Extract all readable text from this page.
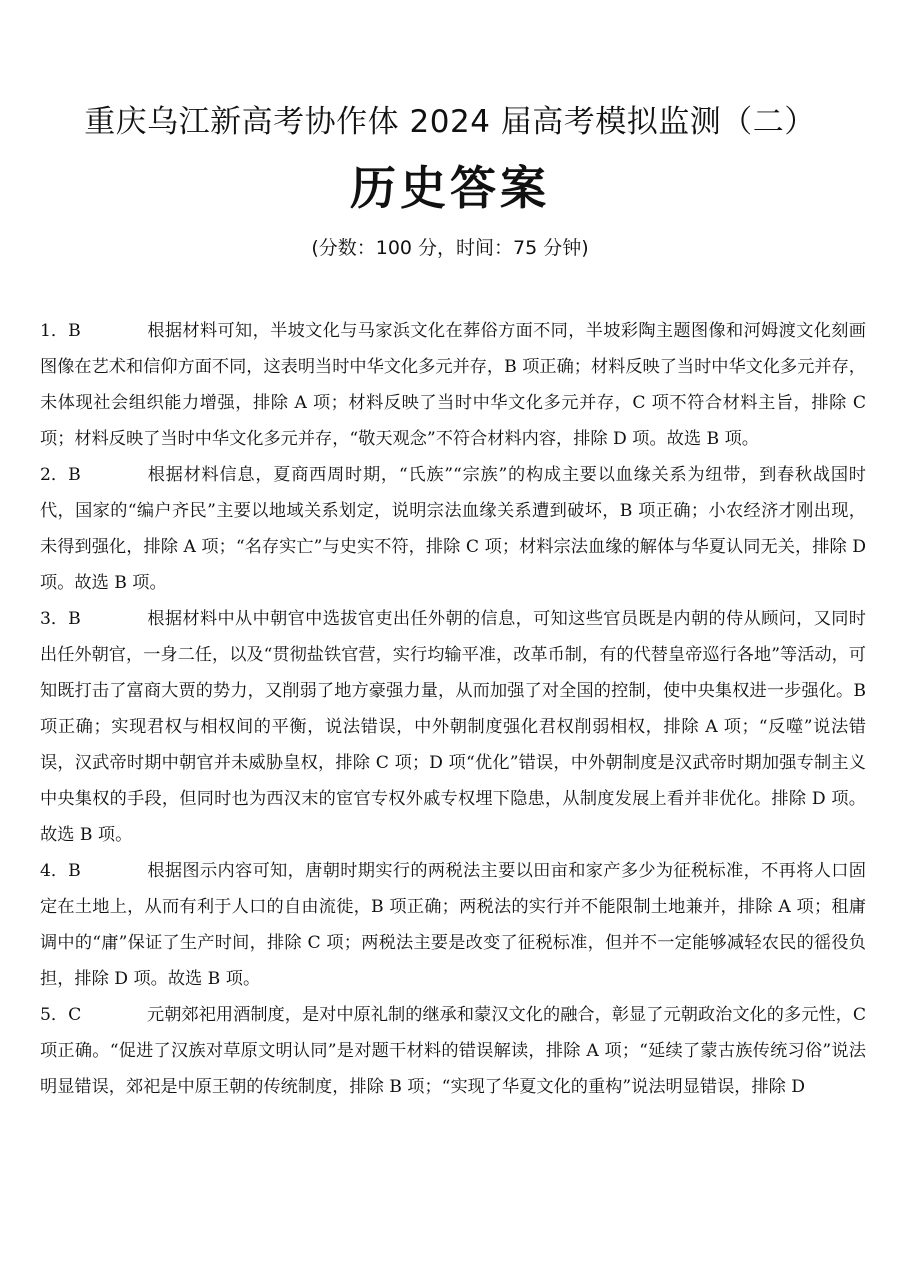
重庆乌江新高考协作体 2024 届高考模拟监测（二）
历史答案
(分数：100 分，时间：75 分钟)
1．B	根据材料可知，半坡文化与马家浜文化在葬俗方面不同，半坡彩陶主题图像和河姆渡文化刻画图像在艺术和信仰方面不同，这表明当时中华文化多元并存，B 项正确；材料反映了当时中华文化多元并存，未体现社会组织能力增强，排除 A 项；材料反映了当时中华文化多元并存，C 项不符合材料主旨，排除 C 项；材料反映了当时中华文化多元并存，“敬天观念”不符合材料内容，排除 D 项。故选 B 项。
2．B	根据材料信息，夏商西周时期，“氏族”“宗族”的构成主要以血缘关系为纽带，到春秋战国时代，国家的“编户齐民”主要以地域关系划定，说明宗法血缘关系遭到破坏，B 项正确；小农经济才刚出现，未得到强化，排除 A 项；“名存实亡”与史实不符，排除 C 项；材料宗法血缘的解体与华夏认同无关，排除 D 项。故选 B 项。
3．B	根据材料中从中朝官中选拔官吏出任外朝的信息，可知这些官员既是内朝的侍从顾问，又同时出任外朝官，一身二任，以及“贯彻盐铁官营，实行均输平准，改革币制，有的代替皇帝巡行各地”等活动，可知既打击了富商大贾的势力，又削弱了地方豪强力量，从而加强了对全国的控制，使中央集权进一步强化。B 项正确；实现君权与相权间的平衡，说法错误，中外朝制度强化君权削弱相权，排除 A 项；“反噬”说法错误，汉武帝时期中朝官并未威胁皇权，排除 C 项；D 项“优化”错误，中外朝制度是汉武帝时期加强专制主义中央集权的手段，但同时也为西汉末的宦官专权外戚专权埋下隐患，从制度发展上看并非优化。排除 D 项。故选 B 项。
4．B	根据图示内容可知，唐朝时期实行的两税法主要以田亩和家产多少为征税标准，不再将人口固定在土地上，从而有利于人口的自由流徙，B 项正确；两税法的实行并不能限制土地兼并，排除 A 项；租庸调中的“庸”保证了生产时间，排除 C 项；两税法主要是改变了征税标准，但并不一定能够减轻农民的徭役负担，排除 D 项。故选 B 项。
5．C	元朝郊祀用酒制度，是对中原礼制的继承和蒙汉文化的融合，彰显了元朝政治文化的多元性，C 项正确。“促进了汉族对草原文明认同”是对题干材料的错误解读，排除 A 项；“延续了蒙古族传统习俗”说法明显错误，郊祀是中原王朝的传统制度，排除 B 项；“实现了华夏文化的重构”说法明显错误，排除 D
